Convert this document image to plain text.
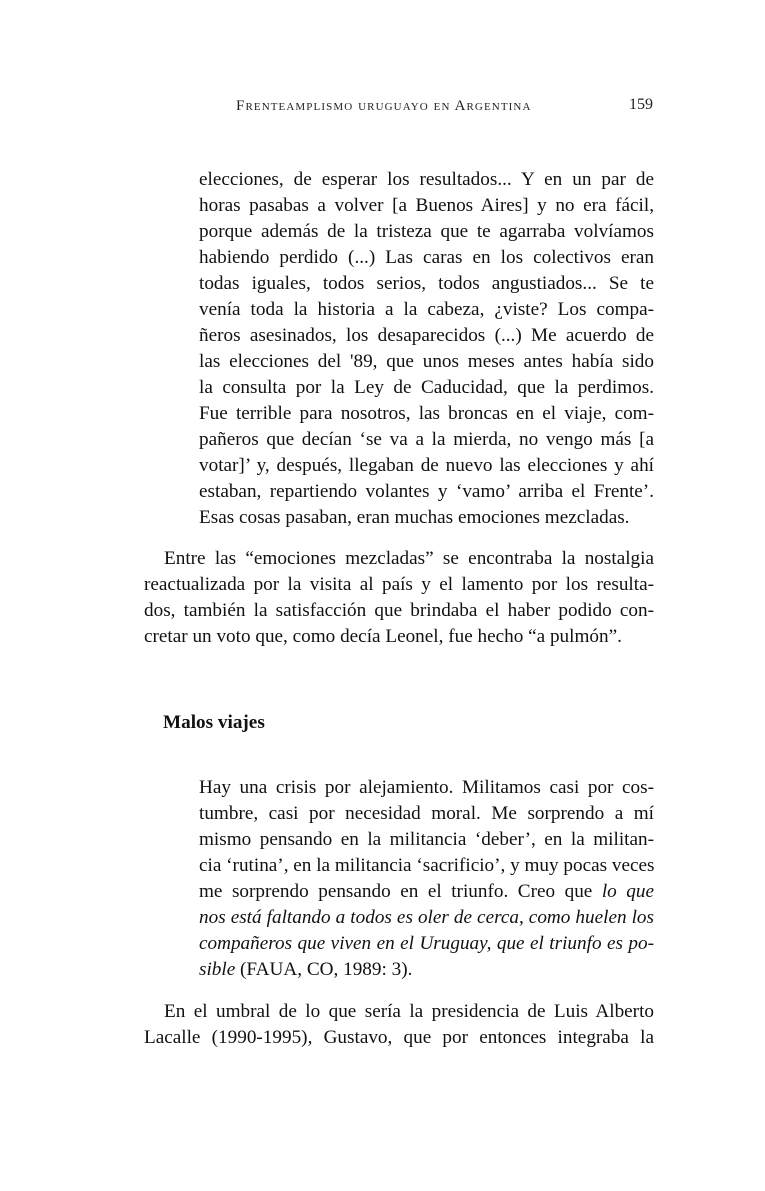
Frenteamplismo uruguayo en Argentina	159
elecciones, de esperar los resultados... Y en un par de
horas pasabas a volver [a Buenos Aires] y no era fácil,
porque además de la tristeza que te agarraba volvíamos
habiendo perdido (...) Las caras en los colectivos eran
todas iguales, todos serios, todos angustiados... Se te
venía toda la historia a la cabeza, ¿viste? Los compa-
ñeros asesinados, los desaparecidos (...) Me acuerdo de
las elecciones del '89, que unos meses antes había sido
la consulta por la Ley de Caducidad, que la perdimos.
Fue terrible para nosotros, las broncas en el viaje, com-
pañeros que decían ‘se va a la mierda, no vengo más [a
votar]’ y, después, llegaban de nuevo las elecciones y ahí
estaban, repartiendo volantes y ‘vamo’ arriba el Frente’.
Esas cosas pasaban, eran muchas emociones mezcladas.
Entre las “emociones mezcladas” se encontraba la nostalgia
reactualizada por la visita al país y el lamento por los resulta-
dos, también la satisfacción que brindaba el haber podido con-
cretar un voto que, como decía Leonel, fue hecho “a pulmón”.
Malos viajes
Hay una crisis por alejamiento. Militamos casi por cos-
tumbre, casi por necesidad moral. Me sorprendo a mí
mismo pensando en la militancia ‘deber’, en la militan-
cia ‘rutina’, en la militancia ‘sacrificio’, y muy pocas veces
me sorprendo pensando en el triunfo. Creo que lo que
nos está faltando a todos es oler de cerca, como huelen los
compañeros que viven en el Uruguay, que el triunfo es po-
sible (FAUA, CO, 1989: 3).
En el umbral de lo que sería la presidencia de Luis Alberto
Lacalle (1990-1995), Gustavo, que por entonces integraba la
